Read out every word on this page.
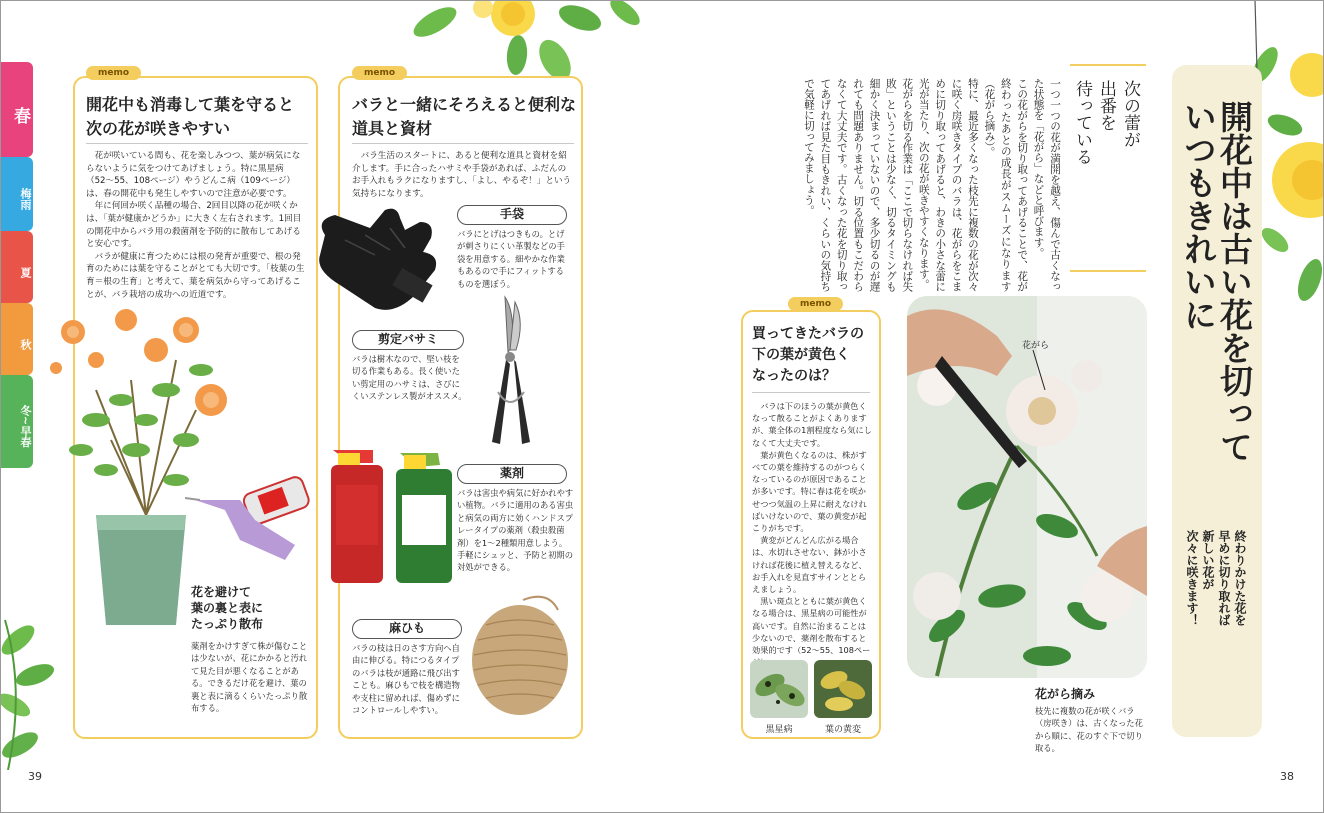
春
梅雨
夏
秋
冬~早春
memo
開花中も消毒して葉を守ると
次の花が咲きやすい

花が咲いている間も、花を楽しみつつ、葉が病気にならないように気をつけてあげましょう。特に黒星病（52〜55、108ページ）やうどんこ病（109ページ）は、春の開花中も発生しやすいので注意が必要です。

年に何回か咲く品種の場合、2回目以降の花が咲くかは、「葉が健康かどうか」に大きく左右されます。1回目の開花中からバラ用の殺菌剤を予防的に散布してあげると安心です。

バラが健康に育つためには根の発育が重要で、根の発育のためには葉を守ることがとても大切です。「枝葉の生育＝根の生育」と考えて、葉を病気から守ってあげることが、バラ栽培の成功への近道です。

花を避けて
葉の裏と表に
たっぷり散布
薬剤をかけすぎて株が傷むことは少ないが、花にかかると汚れて見た目が悪くなることがある。できるだけ花を避け、葉の裏と表に滴るくらいたっぷり散布する。
memo
バラと一緒にそろえると便利な
道具と資材

バラ生活のスタートに、あると便利な道具と資材を紹介します。手に合ったハサミや手袋があれば、ふだんのお手入れもラクになりますし、「よし、やるぞ！」という気持ちになります。

手袋
バラにとげはつきもの。とげが刺さりにくい革製などの手袋を用意する。細やかな作業もあるので手にフィットするものを選ぼう。
剪定バサミ
バラは樹木なので、堅い枝を切る作業もある。長く使いたい剪定用のハサミは、さびにくいステンレス製がオススメ。
薬剤
バラは害虫や病気に好かれやすい植物。バラに適用のある害虫と病気の両方に効くハンドスプレータイプの薬剤（殺虫殺菌剤）を1〜2種類用意しよう。手軽にシュッと、予防と初期の対処ができる。
麻ひも
バラの枝は日のさす方向へ自由に伸びる。特につるタイプのバラは枝が通路に飛び出すことも。麻ひもで枝を構造物や支柱に留めれば、傷めずにコントロールしやすい。
39
開花中は古い花を切って
いつもきれいに
終わりかけた花を
早めに切り取れば
新しい花が
次々に咲きます！
次の蕾が
出番を
待っている

一つ一つの花が満開を越え、傷んで古くなった状態を「花がら」などと呼びます。

この花がらを切り取ってあげることで、花が終わったあとの成長がスムーズになります（花がら摘み）。

特に、最近多くなった枝先に複数の花が次々に咲く房咲きタイプのバラは、花がらをこまめに切り取ってあげると、わきの小さな蕾に光が当たり、次の花が咲きやすくなります。

花がらを切る作業は「ここで切らなければ失敗」ということは少なく、切るタイミングも細かく決まっていないので、多少切るのが遅れても問題ありません。切る位置もこだわらなくて大丈夫です。古くなった花を切り取ってあげれば見た目もきれい、くらいの気持ちで気軽に切ってみましょう。

花がら
花がら摘み
枝先に複数の花が咲くバラ（房咲き）は、古くなった花から順に、花のすぐ下で切り取る。
memo
買ってきたバラの
下の葉が黄色く
なったのは？

バラは下のほうの葉が黄色くなって散ることがよくありますが、葉全体の1割程度なら気にしなくて大丈夫です。

葉が黄色くなるのは、株がすべての葉を維持するのがつらくなっているのが原因であることが多いです。特に春は花を咲かせつつ気温の上昇に耐えなければいけないので、葉の黄変が起こりがちです。

黄変がどんどん広がる場合は、水切れさせない、鉢が小さければ花後に植え替えるなど、お手入れを見直すサインととらえましょう。

黒い斑点とともに葉が黄色くなる場合は、黒星病の可能性が高いです。自然に治まることは少ないので、薬剤を散布すると効果的です（52〜55、108ペー

黒星病	葉の黄変
38
